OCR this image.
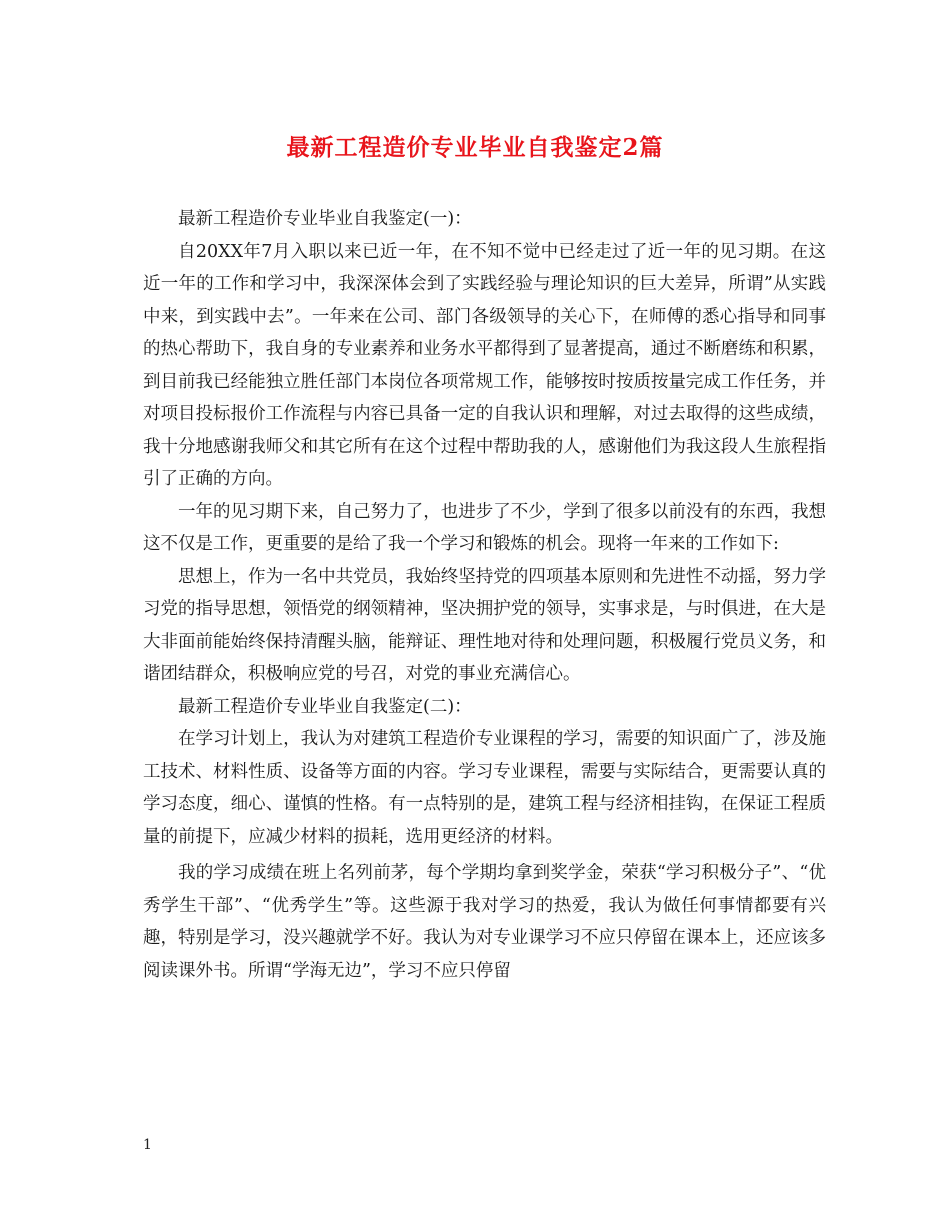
最新工程造价专业毕业自我鉴定2篇

最新工程造价专业毕业自我鉴定(一)：

自20XX年7月入职以来已近一年，在不知不觉中已经走过了近一年的见习期。在这近一年的工作和学习中，我深深体会到了实践经验与理论知识的巨大差异，所谓”从实践中来，到实践中去”。一年来在公司、部门各级领导的关心下，在师傅的悉心指导和同事的热心帮助下，我自身的专业素养和业务水平都得到了显著提高，通过不断磨练和积累，到目前我已经能独立胜任部门本岗位各项常规工作，能够按时按质按量完成工作任务，并对项目投标报价工作流程与内容已具备一定的自我认识和理解，对过去取得的这些成绩，我十分地感谢我师父和其它所有在这个过程中帮助我的人，感谢他们为我这段人生旅程指引了正确的方向。

一年的见习期下来，自己努力了，也进步了不少，学到了很多以前没有的东西，我想这不仅是工作，更重要的是给了我一个学习和锻炼的机会。现将一年来的工作如下:

思想上，作为一名中共党员，我始终坚持党的四项基本原则和先进性不动摇，努力学习党的指导思想，领悟党的纲领精神，坚决拥护党的领导，实事求是，与时俱进，在大是大非面前能始终保持清醒头脑，能辩证、理性地对待和处理问题，积极履行党员义务，和谐团结群众，积极响应党的号召，对党的事业充满信心。

最新工程造价专业毕业自我鉴定(二)：

在学习计划上，我认为对建筑工程造价专业课程的学习，需要的知识面广了，涉及施工技术、材料性质、设备等方面的内容。学习专业课程，需要与实际结合，更需要认真的学习态度，细心、谨慎的性格。有一点特别的是，建筑工程与经济相挂钩，在保证工程质量的前提下，应减少材料的损耗，选用更经济的材料。

我的学习成绩在班上名列前茅，每个学期均拿到奖学金，荣获“学习积极分子”、“优秀学生干部”、“优秀学生”等。这些源于我对学习的热爱，我认为做任何事情都要有兴趣，特别是学习，没兴趣就学不好。我认为对专业课学习不应只停留在课本上，还应该多阅读课外书。所谓“学海无边”，学习不应只停留

1
